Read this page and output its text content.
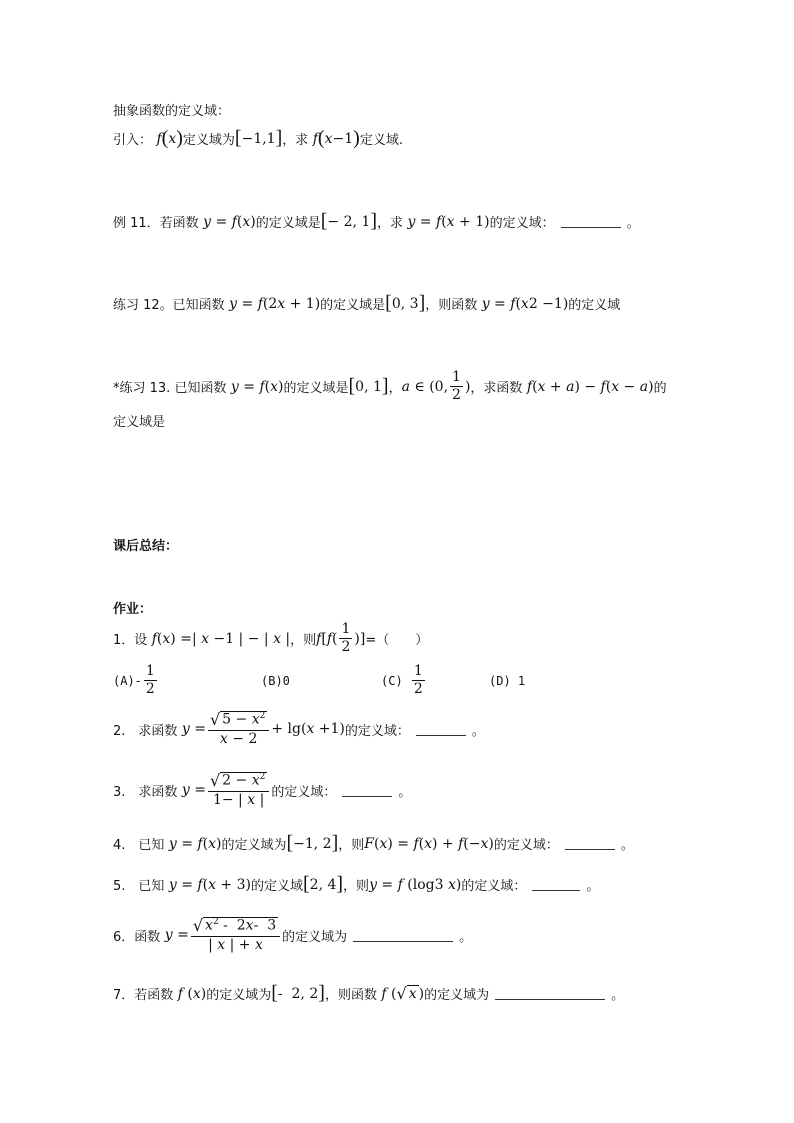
抽象函数的定义域：
引入： f ( x ) 定义域为 [ −1,1 ] ，求 f ( x −1 ) 定义域.
例 11．若函数 y = f ( x ) 的定义域是 [ − 2, 1 ] ，求 y = f ( x + 1) 的定义域：	。
练习 12。已知函数 y = f (2 x + 1) 的定义域是 [ 0, 3 ] ，则函数 y = f ( x 2 −1) 的定义域
*练习 13. 已知函数 y = f ( x ) 的定义域是 [ 0, 1 ] ， a ∈ (0, $\frac{1}{2}$ ) ，求函数 f ( x + a ) − f ( x − a ) 的
定义域是
课后总结：
作业：
1．设 f ( x ) =| x −1 | − | x | ，则 f [ f ( $\frac{1}{2}$ )] =（　　）
$(A)- \frac{1}{2}$	(B)0	(C)
$\frac{1}{2}$	(D) 1
2.　求函数 $y = \frac{√ 5 - x^2}{x - 2} + \lg$( x +1) 的定义域：	。
3.　求函数 $y = \frac{√ 2 - x^2}{1- | x |}$ 的定义域：	。
4.　已知 y = f ( x ) 的定义域为 [ −1, 2 ] ，则 F ( x ) = f ( x ) + f (− x ) 的定义域：	。
5.　已知 y = f ( x + 3) 的定义域 [ 2, 4 ] ，则 y = f (log 3 x ) 的定义域：	。
6．函数 $y = \frac{√ x^2 - 2x- 3}{| x | + x}$ 的定义域为	。
7．若函数 f ( x ) 的定义域为 [ -  2, 2 ] ，则函数 f ( √ x ) 的定义域为	。
